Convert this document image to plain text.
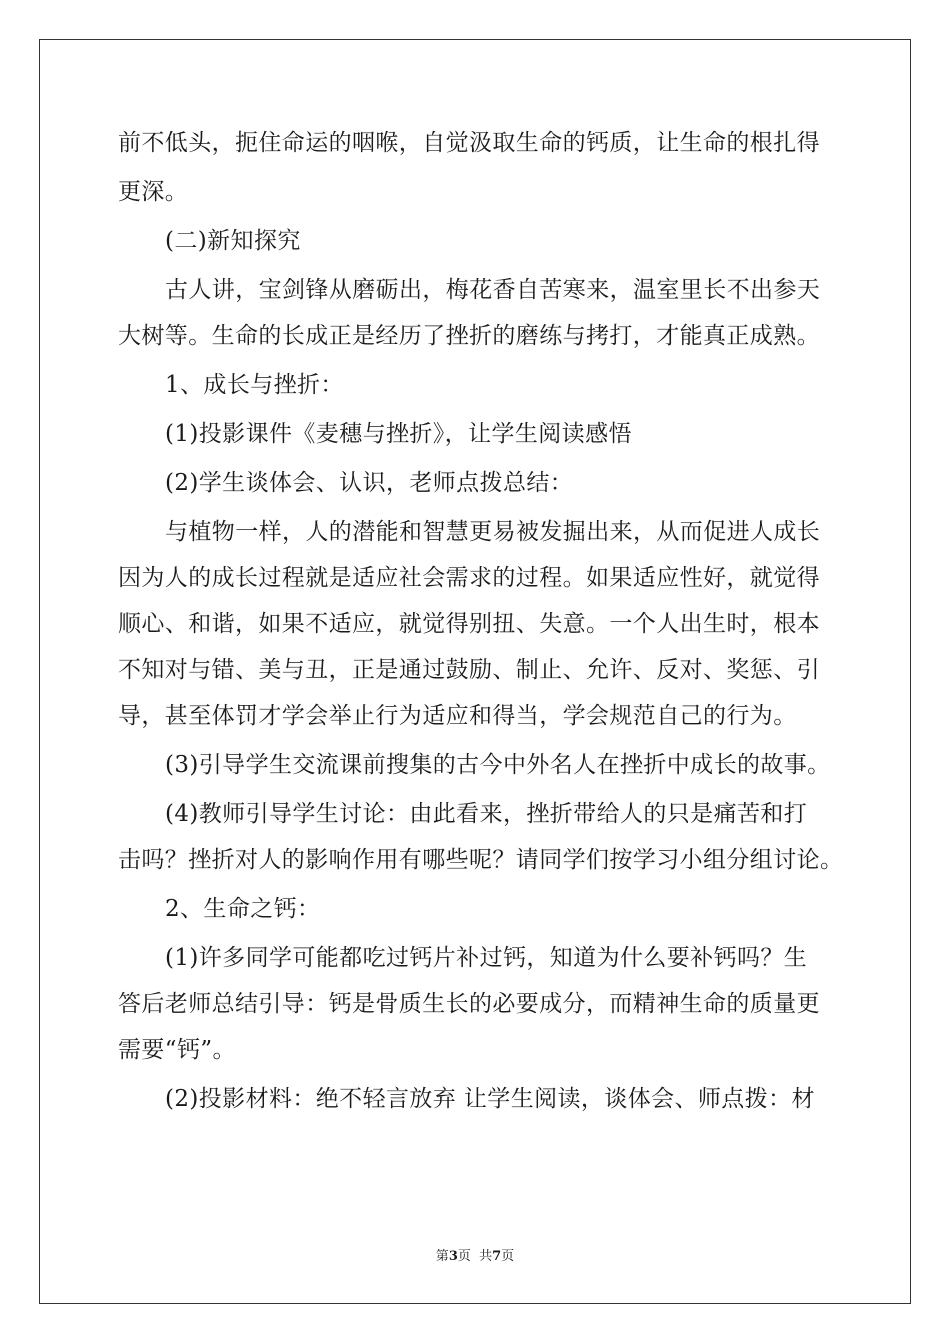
前不低头，扼住命运的咽喉，自觉汲取生命的钙质，让生命的根扎得
更深。
(二)新知探究
古人讲，宝剑锋从磨砺出，梅花香自苦寒来，温室里长不出参天
大树等。生命的长成正是经历了挫折的磨练与拷打，才能真正成熟。
1、成长与挫折：
(1)投影课件《麦穗与挫折》，让学生阅读感悟
(2)学生谈体会、认识，老师点拨总结：
与植物一样，人的潜能和智慧更易被发掘出来，从而促进人成长
因为人的成长过程就是适应社会需求的过程。如果适应性好，就觉得
顺心、和谐，如果不适应，就觉得别扭、失意。一个人出生时，根本
不知对与错、美与丑，正是通过鼓励、制止、允许、反对、奖惩、引
导，甚至体罚才学会举止行为适应和得当，学会规范自己的行为。
(3)引导学生交流课前搜集的古今中外名人在挫折中成长的故事。
(4)教师引导学生讨论：由此看来，挫折带给人的只是痛苦和打
击吗？挫折对人的影响作用有哪些呢？请同学们按学习小组分组讨论。
2、生命之钙：
(1)许多同学可能都吃过钙片补过钙，知道为什么要补钙吗？生
答后老师总结引导：钙是骨质生长的必要成分，而精神生命的质量更
需要“钙”。
(2)投影材料：绝不轻言放弃 让学生阅读，谈体会、师点拨：材
第3页  共7页
